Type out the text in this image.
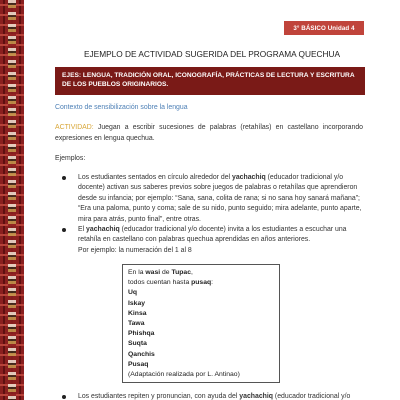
3° BÁSICO Unidad 4
EJEMPLO DE ACTIVIDAD SUGERIDA DEL PROGRAMA QUECHUA
EJES: LENGUA, TRADICIÓN ORAL, ICONOGRAFÍA, PRÁCTICAS DE LECTURA Y ESCRITURA DE LOS PUEBLOS ORIGINARIOS.
Contexto de sensibilización sobre la lengua
ACTIVIDAD: Juegan a escribir sucesiones de palabras (retahílas) en castellano incorporando expresiones en lengua quechua.
Ejemplos:
Los estudiantes sentados en círculo alrededor del yachachiq (educador tradicional y/o docente) activan sus saberes previos sobre juegos de palabras o retahílas que aprendieron desde su infancia; por ejemplo: “Sana, sana, colita de rana; si no sana hoy sanará mañana”; “Era una paloma, punto y coma; sale de su nido, punto seguido; mira adelante, punto aparte, mira para atrás, punto final”, entre otras.
El yachachiq (educador tradicional y/o docente) invita a los estudiantes a escuchar una retahíla en castellano con palabras quechua aprendidas en años anteriores.
Por ejemplo: la numeración del 1 al 8
En la wasi de Tupac,
todos cuentan hasta pusaq:
Uq
Iskay
Kinsa
Tawa
Phishqa
Suqta
Qanchis
Pusaq
(Adaptación realizada por L. Antinao)
Los estudiantes repiten y pronuncian, con ayuda del yachachiq (educador tradicional y/o
